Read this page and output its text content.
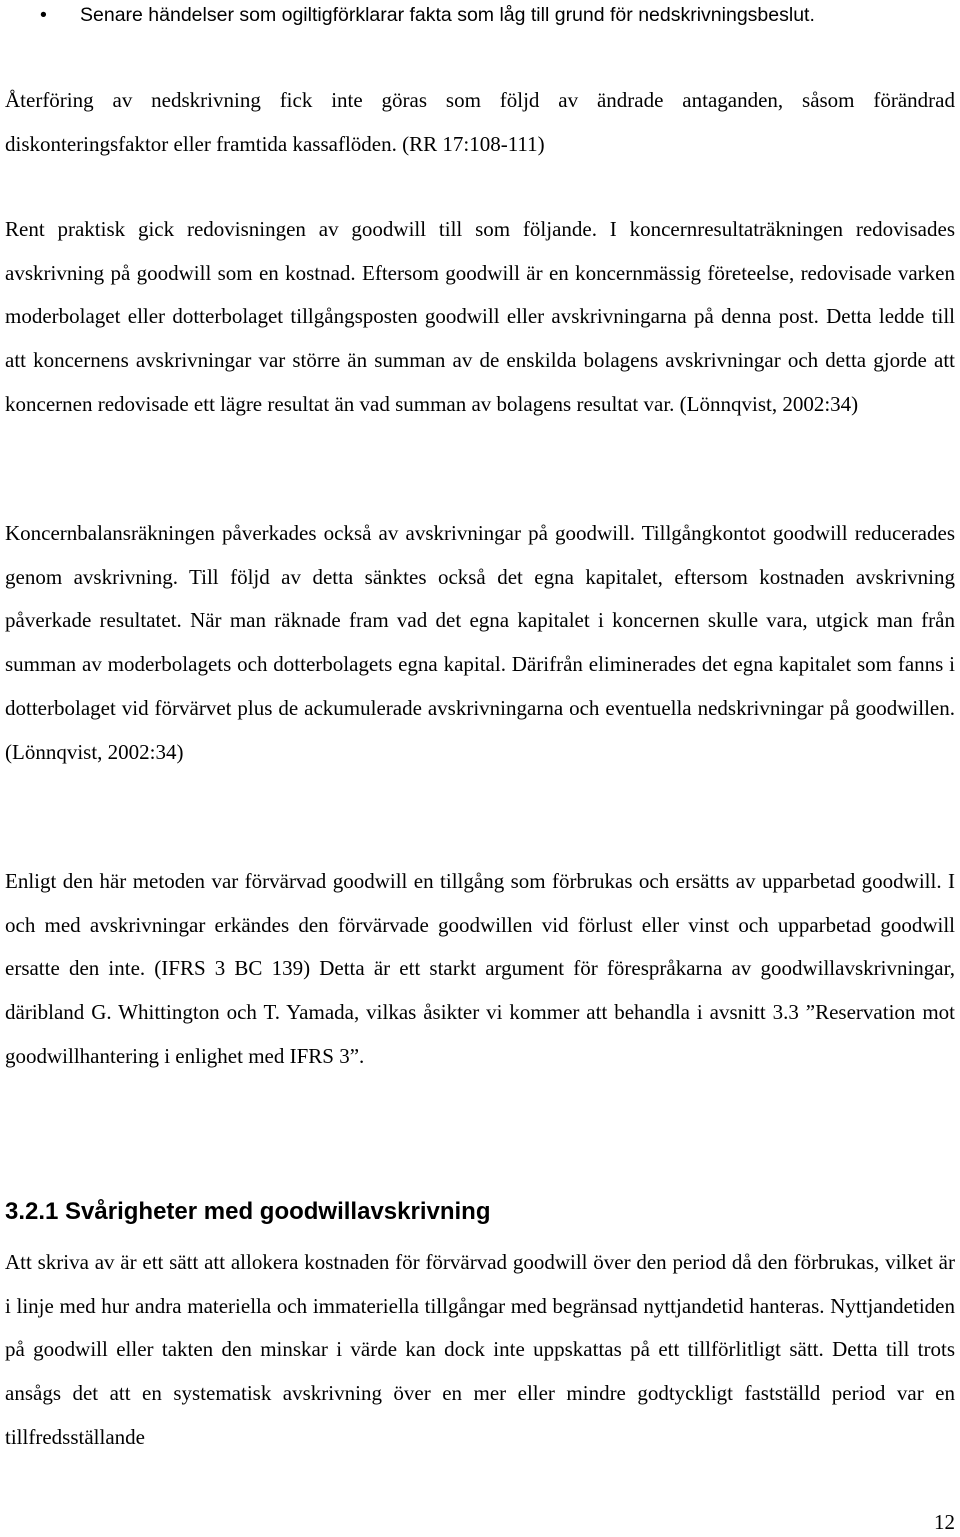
• Senare händelser som ogiltigförklarar fakta som låg till grund för nedskrivningsbeslut.

Återföring av nedskrivning fick inte göras som följd av ändrade antaganden, såsom förändrad diskonteringsfaktor eller framtida kassaflöden. (RR 17:108-111)

Rent praktisk gick redovisningen av goodwill till som följande. I koncernresultaträkningen redovisades avskrivning på goodwill som en kostnad. Eftersom goodwill är en koncernmässig företeelse, redovisade varken moderbolaget eller dotterbolaget tillgångsposten goodwill eller avskrivningarna på denna post. Detta ledde till att koncernens avskrivningar var större än summan av de enskilda bolagens avskrivningar och detta gjorde att koncernen redovisade ett lägre resultat än vad summan av bolagens resultat var. (Lönnqvist, 2002:34)

Koncernbalansräkningen påverkades också av avskrivningar på goodwill. Tillgångkontot goodwill reducerades genom avskrivning. Till följd av detta sänktes också det egna kapitalet, eftersom kostnaden avskrivning påverkade resultatet. När man räknade fram vad det egna kapitalet i koncernen skulle vara, utgick man från summan av moderbolagets och dotterbolagets egna kapital. Därifrån eliminerades det egna kapitalet som fanns i dotterbolaget vid förvärvet plus de ackumulerade avskrivningarna och eventuella nedskrivningar på goodwillen. (Lönnqvist, 2002:34)

Enligt den här metoden var förvärvad goodwill en tillgång som förbrukas och ersätts av upparbetad goodwill. I och med avskrivningar erkändes den förvärvade goodwillen vid förlust eller vinst och upparbetad goodwill ersatte den inte. (IFRS 3 BC 139) Detta är ett starkt argument för förespråkarna av goodwillavskrivningar, däribland G. Whittington och T. Yamada, vilkas åsikter vi kommer att behandla i avsnitt 3.3 ”Reservation mot goodwillhantering i enlighet med IFRS 3”.

3.2.1 Svårigheter med goodwillavskrivning

Att skriva av är ett sätt att allokera kostnaden för förvärvad goodwill över den period då den förbrukas, vilket är i linje med hur andra materiella och immateriella tillgångar med begränsad nyttjandetid hanteras. Nyttjandetiden på goodwill eller takten den minskar i värde kan dock inte uppskattas på ett tillförlitligt sätt. Detta till trots ansågs det att en systematisk avskrivning över en mer eller mindre godtyckligt fastställd period var en tillfredsställande

12
